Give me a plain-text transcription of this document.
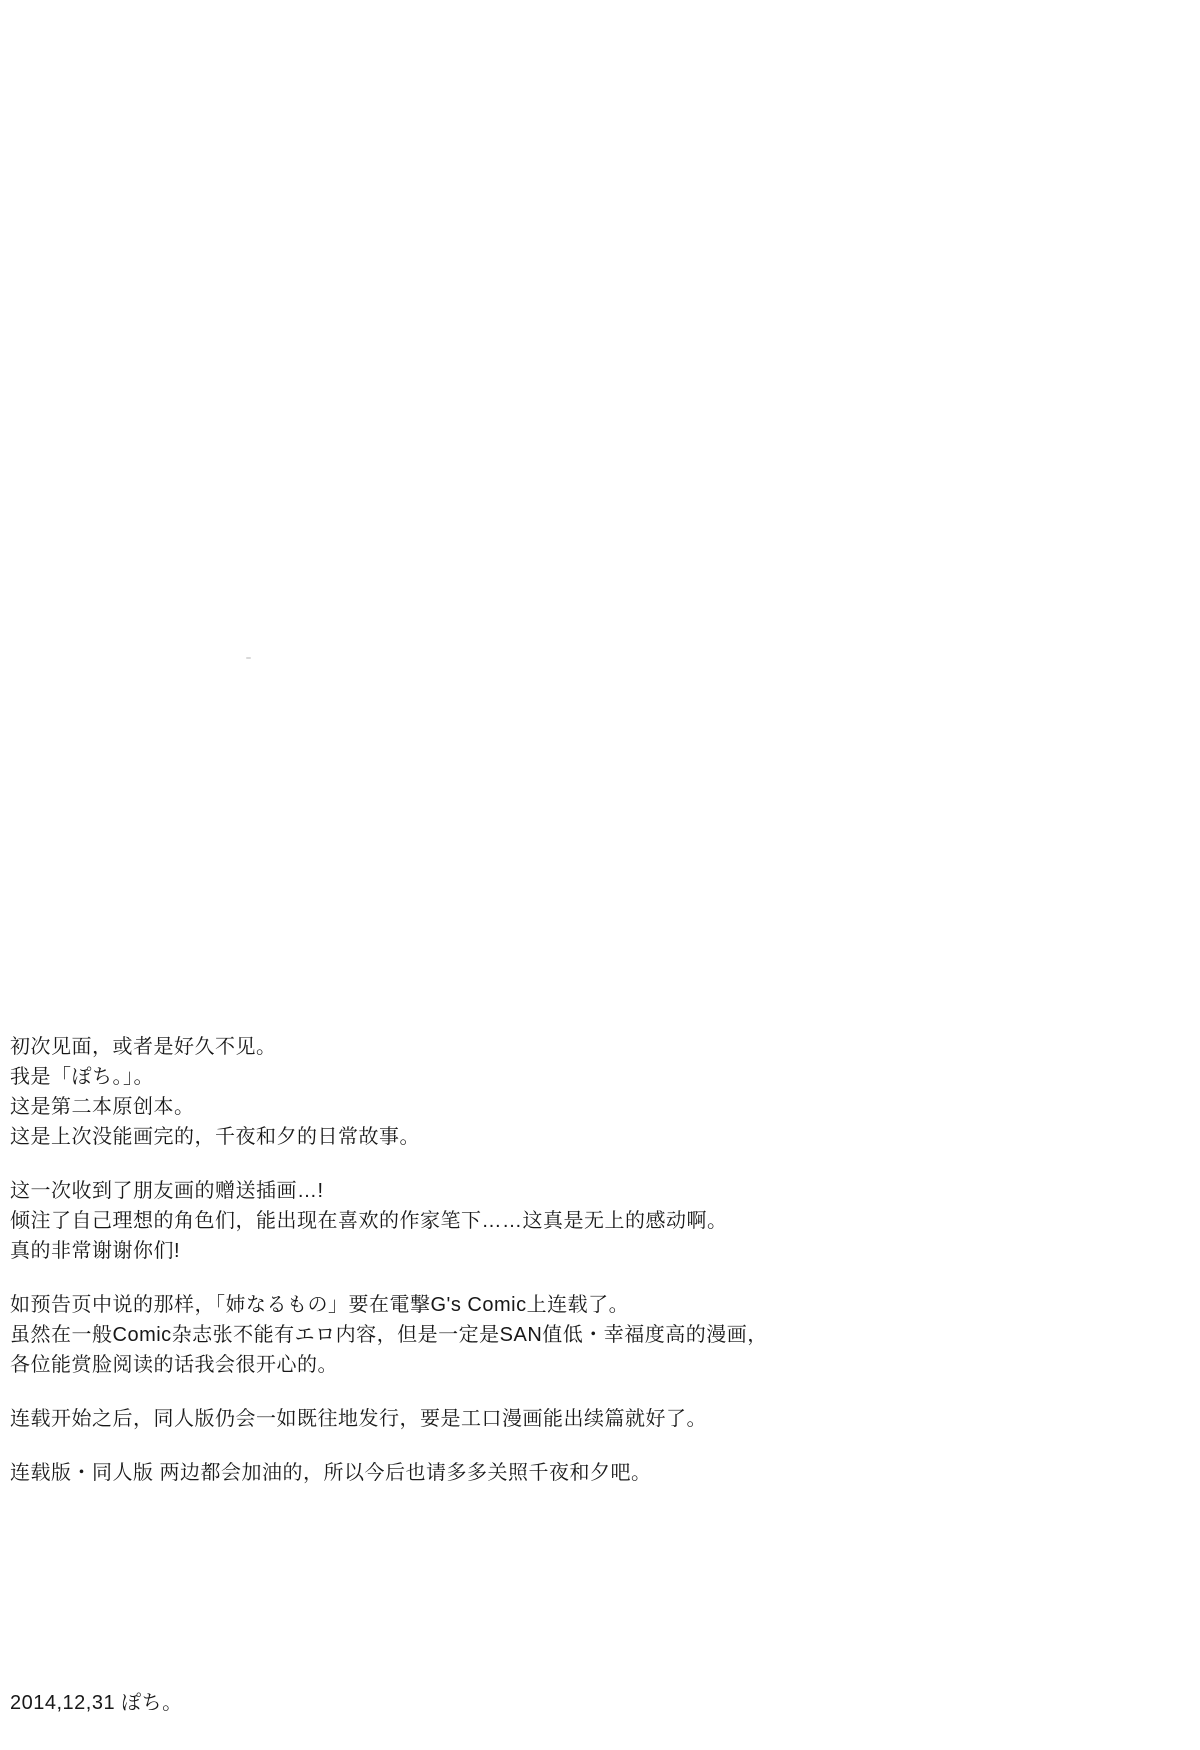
初次见面，或者是好久不见。
我是「ぽち。」。
这是第二本原创本。
这是上次没能画完的，千夜和夕的日常故事。
这一次收到了朋友画的赠送插画…!
倾注了自己理想的角色们，能出现在喜欢的作家笔下……这真是无上的感动啊。
真的非常谢谢你们!
如预告页中说的那样，「姉なるもの」要在電撃G's Comic上连载了。
虽然在一般Comic杂志张不能有エロ内容，但是一定是SAN值低・幸福度高的漫画，
各位能赏脸阅读的话我会很开心的。
连载开始之后，同人版仍会一如既往地发行，要是工口漫画能出续篇就好了。
连载版・同人版 两边都会加油的，所以今后也请多多关照千夜和夕吧。
2014,12,31 ぽち。
